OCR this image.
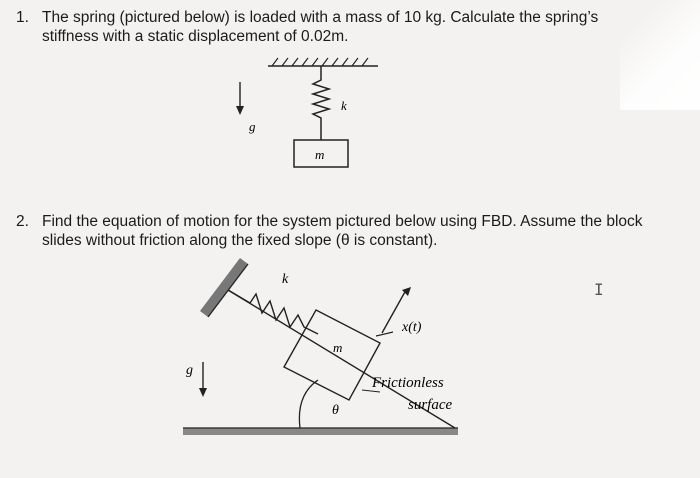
1. The spring (pictured below) is loaded with a mass of 10 kg. Calculate the spring’s stiffness with a static displacement of 0.02m.
g
k
m
g
k
m
x(t)
θ
Frictionless
surface
2. Find the equation of motion for the system pictured below using FBD. Assume the block slides without friction along the fixed slope (θ is constant).
I
